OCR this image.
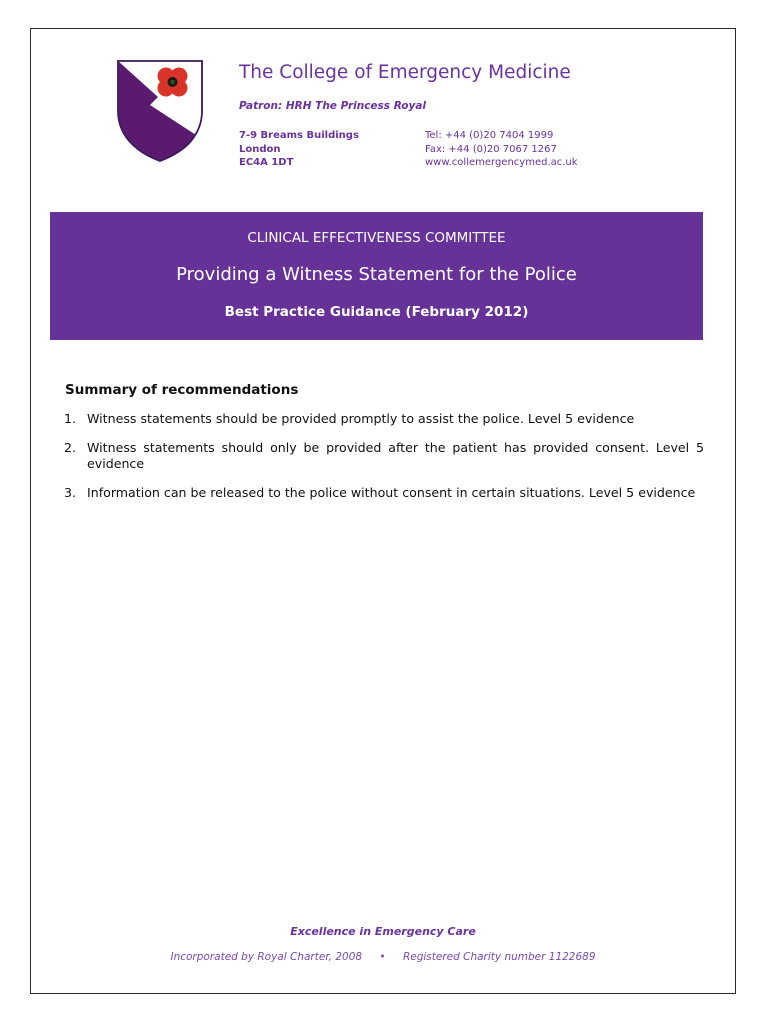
The College of Emergency Medicine
Patron: HRH The Princess Royal
7-9 Breams Buildings
London
EC4A 1DT
Tel: +44 (0)20 7404 1999
Fax: +44 (0)20 7067 1267
www.collemergencymed.ac.uk
CLINICAL EFFECTIVENESS COMMITTEE
Providing a Witness Statement for the Police
Best Practice Guidance (February 2012)
Summary of recommendations
1. Witness statements should be provided promptly to assist the police. Level 5 evidence
2. Witness statements should only be provided after the patient has provided consent. Level 5 evidence
3. Information can be released to the police without consent in certain situations. Level 5 evidence
Excellence in Emergency Care
Incorporated by Royal Charter, 2008 • Registered Charity number 1122689
